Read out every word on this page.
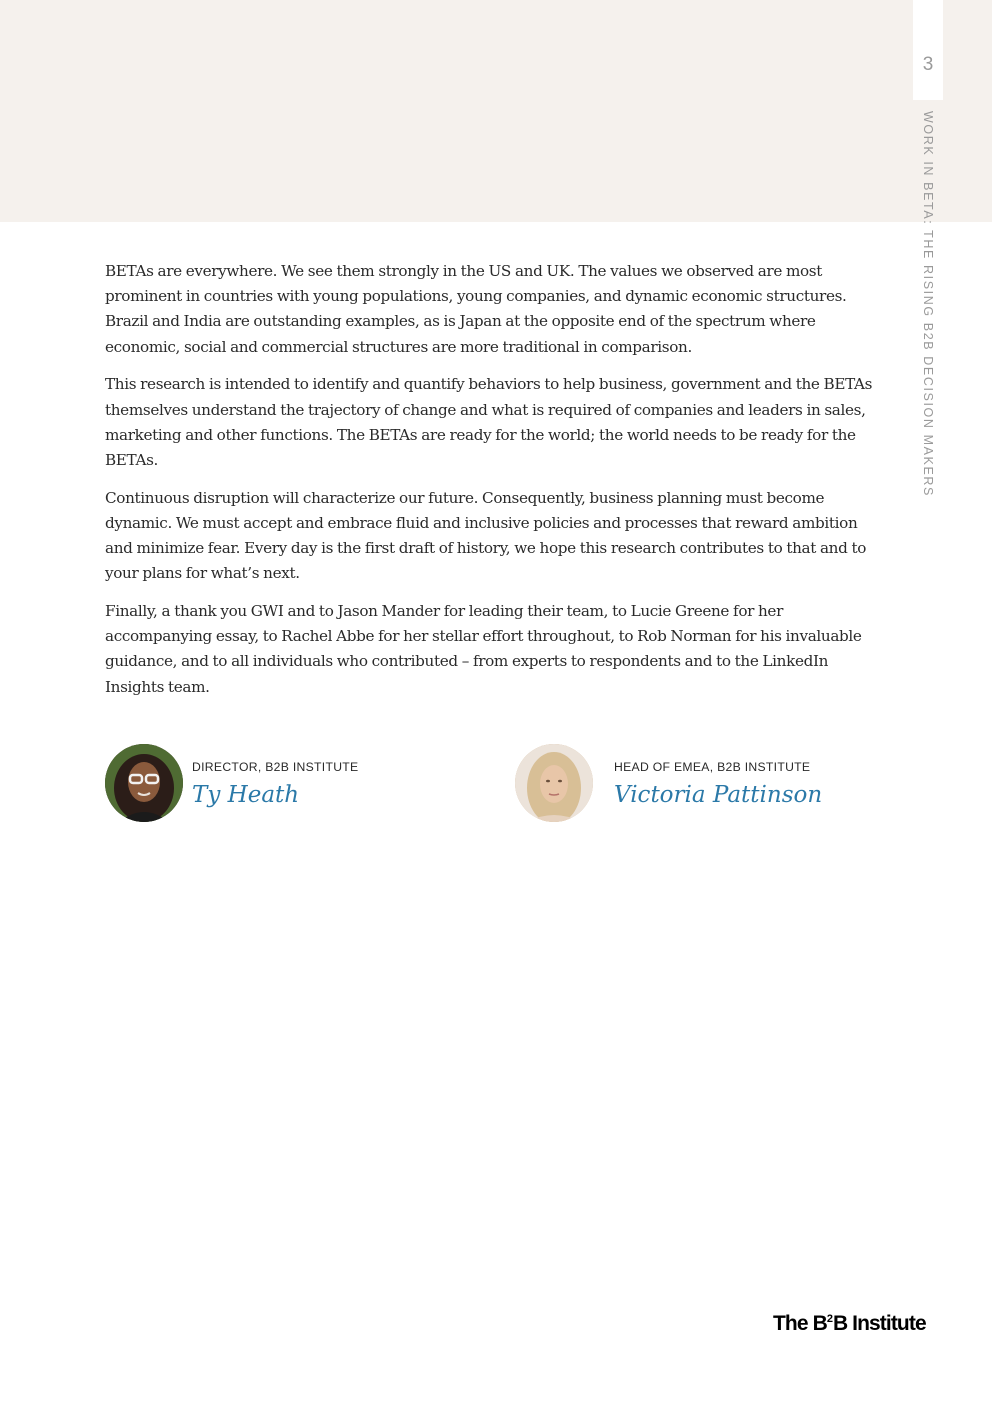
3
WORK IN BETA: THE RISING B2B DECISION MAKERS

BETAs are everywhere. We see them strongly in the US and UK. The values we observed are most prominent in countries with young populations, young companies, and dynamic economic structures. Brazil and India are outstanding examples, as is Japan at the opposite end of the spectrum where economic, social and commercial structures are more traditional in comparison.

This research is intended to identify and quantify behaviors to help business, government and the BETAs themselves understand the trajectory of change and what is required of companies and leaders in sales, marketing and other functions. The BETAs are ready for the world; the world needs to be ready for the BETAs.

Continuous disruption will characterize our future. Consequently, business planning must become dynamic. We must accept and embrace fluid and inclusive policies and processes that reward ambition and minimize fear. Every day is the first draft of history, we hope this research contributes to that and to your plans for what’s next.

Finally, a thank you GWI and to Jason Mander for leading their team, to Lucie Greene for her accompanying essay, to Rachel Abbe for her stellar effort throughout, to Rob Norman for his invaluable guidance, and to all individuals who contributed – from experts to respondents and to the LinkedIn Insights team.

DIRECTOR, B2B INSTITUTE
Ty Heath
HEAD OF EMEA, B2B INSTITUTE
Victoria Pattinson
The $B^2B$ Institute
